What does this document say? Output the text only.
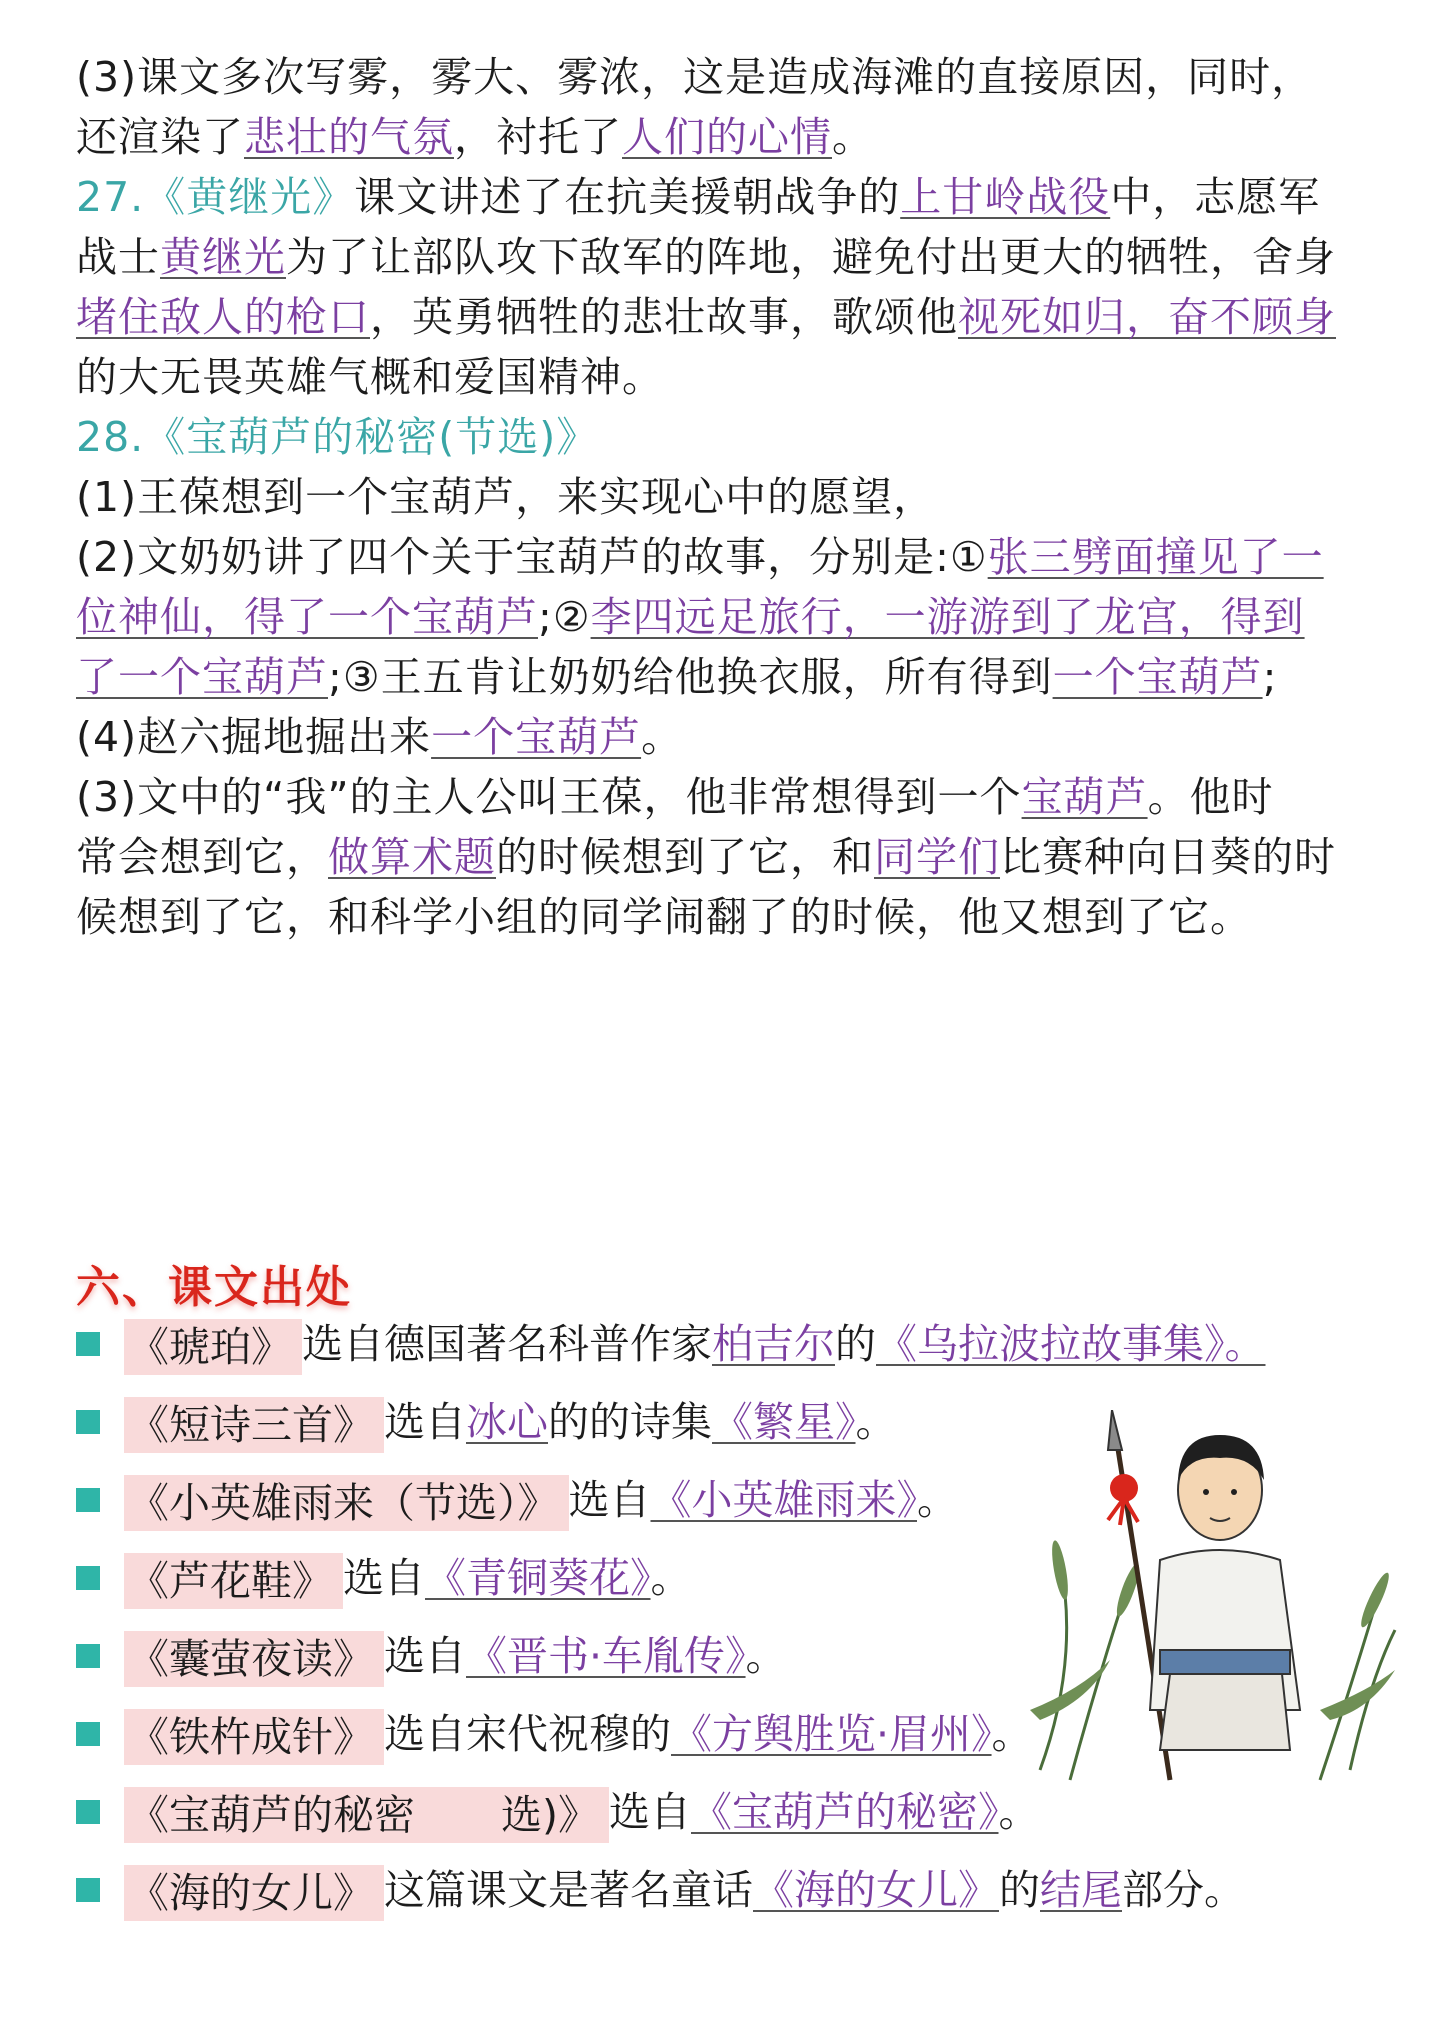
(3)课文多次写雾，雾大、雾浓，这是造成海滩的直接原因，同时，
还渲染了悲壮的气氛，衬托了人们的心情。
27.《黄继光》课文讲述了在抗美援朝战争的上甘岭战役中，志愿军
战士黄继光为了让部队攻下敌军的阵地，避免付出更大的牺牲，舍身
堵住敌人的枪口，英勇牺牲的悲壮故事，歌颂他视死如归，奋不顾身
的大无畏英雄气概和爱国精神。
28.《宝葫芦的秘密(节选)》
(1)王葆想到一个宝葫芦，来实现心中的愿望，
(2)文奶奶讲了四个关于宝葫芦的故事，分别是:①张三劈面撞见了一
位神仙，得了一个宝葫芦;②李四远足旅行，一游游到了龙宫，得到
了一个宝葫芦;③王五肯让奶奶给他换衣服，所有得到一个宝葫芦;
(4)赵六掘地掘出来一个宝葫芦。
(3)文中的“我”的主人公叫王葆，他非常想得到一个宝葫芦。他时
常会想到它，做算术题的时候想到了它，和同学们比赛种向日葵的时
候想到了它，和科学小组的同学闹翻了的时候，他又想到了它。
六、课文出处
《琥珀》 选自德国著名科普作家柏吉尔的《乌拉波拉故事集》。
《短诗三首》 选自冰心的的诗集《繁星》。
《小英雄雨来（节选）》 选自《小英雄雨来》。
《芦花鞋》 选自《青铜葵花》。
《囊萤夜读》 选自《晋书·车胤传》。
《铁杵成针》 选自宋代祝穆的《方舆胜览·眉州》。
《宝葫芦的秘密　 选)》 选自《宝葫芦的秘密》。
《海的女儿》 这篇课文是著名童话《海的女儿》的结尾部分。
